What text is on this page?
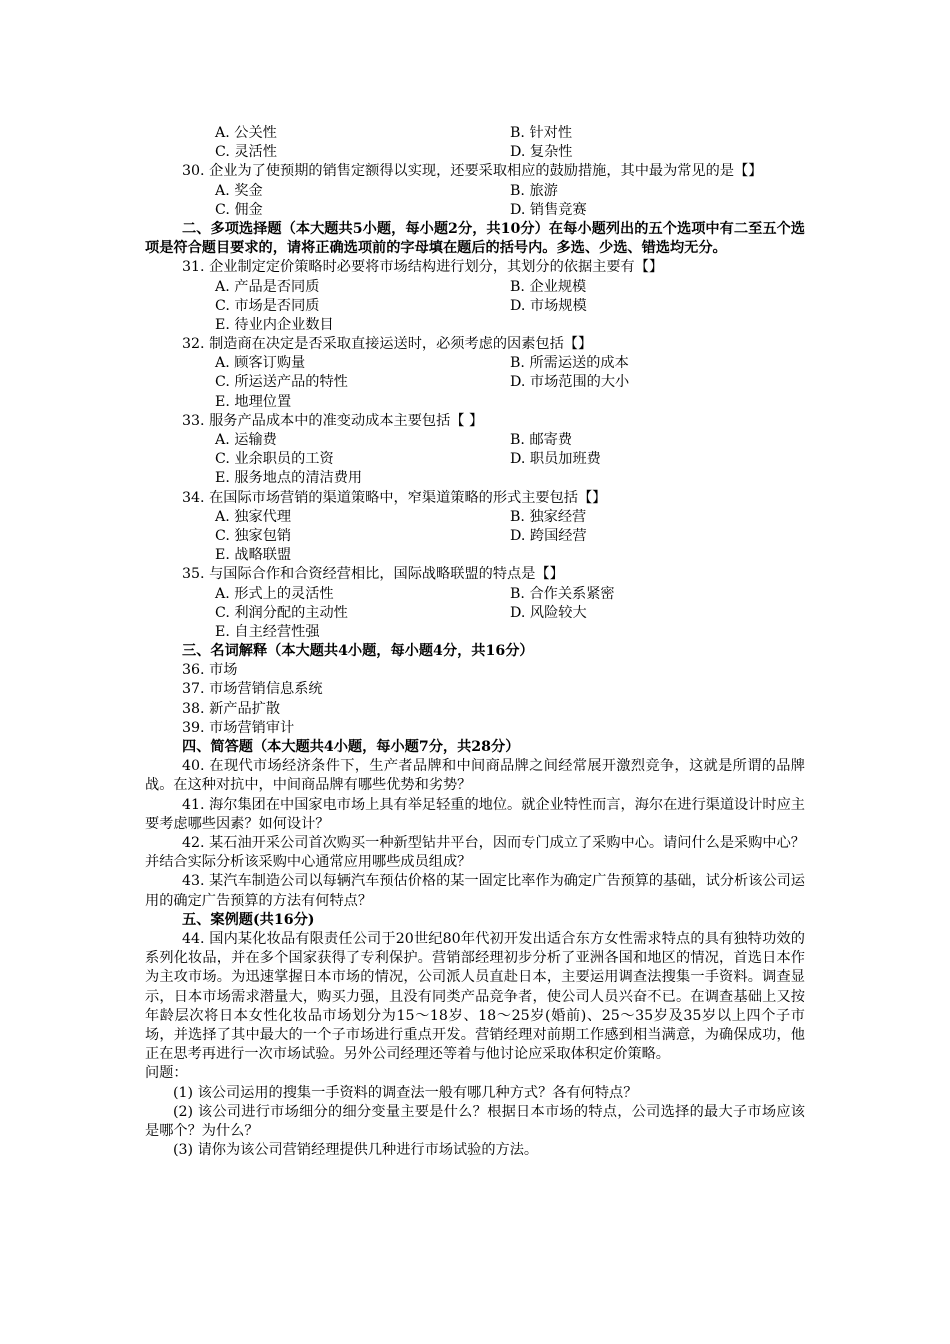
A. 公关性	B. 针对性
C. 灵活性	D. 复杂性
30. 企业为了使预期的销售定额得以实现，还要采取相应的鼓励措施，其中最为常见的是【】
A. 奖金	B. 旅游
C. 佣金	D. 销售竞赛
二、多项选择题（本大题共5小题，每小题2分，共10分）在每小题列出的五个选项中有二至五个选项是符合题目要求的，请将正确选项前的字母填在题后的括号内。多选、少选、错选均无分。
31. 企业制定定价策略时必要将市场结构进行划分，其划分的依据主要有【】
A. 产品是否同质	B. 企业规模
C. 市场是否同质	D. 市场规模
E. 待业内企业数目
32. 制造商在决定是否采取直接运送时，必须考虑的因素包括【】
A. 顾客订购量	B. 所需运送的成本
C. 所运送产品的特性	D. 市场范围的大小
E. 地理位置
33. 服务产品成本中的准变动成本主要包括【 】
A. 运输费	B. 邮寄费
C. 业余职员的工资	D. 职员加班费
E. 服务地点的清洁费用
34. 在国际市场营销的渠道策略中，窄渠道策略的形式主要包括【】
A. 独家代理	B. 独家经营
C. 独家包销	D. 跨国经营
E. 战略联盟
35. 与国际合作和合资经营相比，国际战略联盟的特点是【】
A. 形式上的灵活性	B. 合作关系紧密
C. 利润分配的主动性	D. 风险较大
E. 自主经营性强
三、名词解释（本大题共4小题，每小题4分，共16分）
36. 市场
37. 市场营销信息系统
38. 新产品扩散
39. 市场营销审计
四、简答题（本大题共4小题，每小题7分，共28分）
40. 在现代市场经济条件下，生产者品牌和中间商品牌之间经常展开激烈竞争，这就是所谓的品牌战。在这种对抗中，中间商品牌有哪些优势和劣势？
41. 海尔集团在中国家电市场上具有举足轻重的地位。就企业特性而言，海尔在进行渠道设计时应主要考虑哪些因素？如何设计？
42. 某石油开采公司首次购买一种新型钻井平台，因而专门成立了采购中心。请问什么是采购中心？并结合实际分析该采购中心通常应用哪些成员组成？
43. 某汽车制造公司以每辆汽车预估价格的某一固定比率作为确定广告预算的基础，试分析该公司运用的确定广告预算的方法有何特点？
五、案例题(共16分)
44. 国内某化妆品有限责任公司于20世纪80年代初开发出适合东方女性需求特点的具有独特功效的系列化妆品，并在多个国家获得了专利保护。营销部经理初步分析了亚洲各国和地区的情况，首选日本作为主攻市场。为迅速掌握日本市场的情况，公司派人员直赴日本，主要运用调查法搜集一手资料。调查显示，日本市场需求潜量大，购买力强，且没有同类产品竞争者，使公司人员兴奋不已。在调查基础上又按年龄层次将日本女性化妆品市场划分为15～18岁、18～25岁(婚前)、25～35岁及35岁以上四个子市场，并选择了其中最大的一个子市场进行重点开发。营销经理对前期工作感到相当满意，为确保成功，他正在思考再进行一次市场试验。另外公司经理还等着与他讨论应采取体积定价策略。
问题：
(1) 该公司运用的搜集一手资料的调查法一般有哪几种方式？各有何特点？
(2) 该公司进行市场细分的细分变量主要是什么？根据日本市场的特点，公司选择的最大子市场应该是哪个？为什么？
(3) 请你为该公司营销经理提供几种进行市场试验的方法。
